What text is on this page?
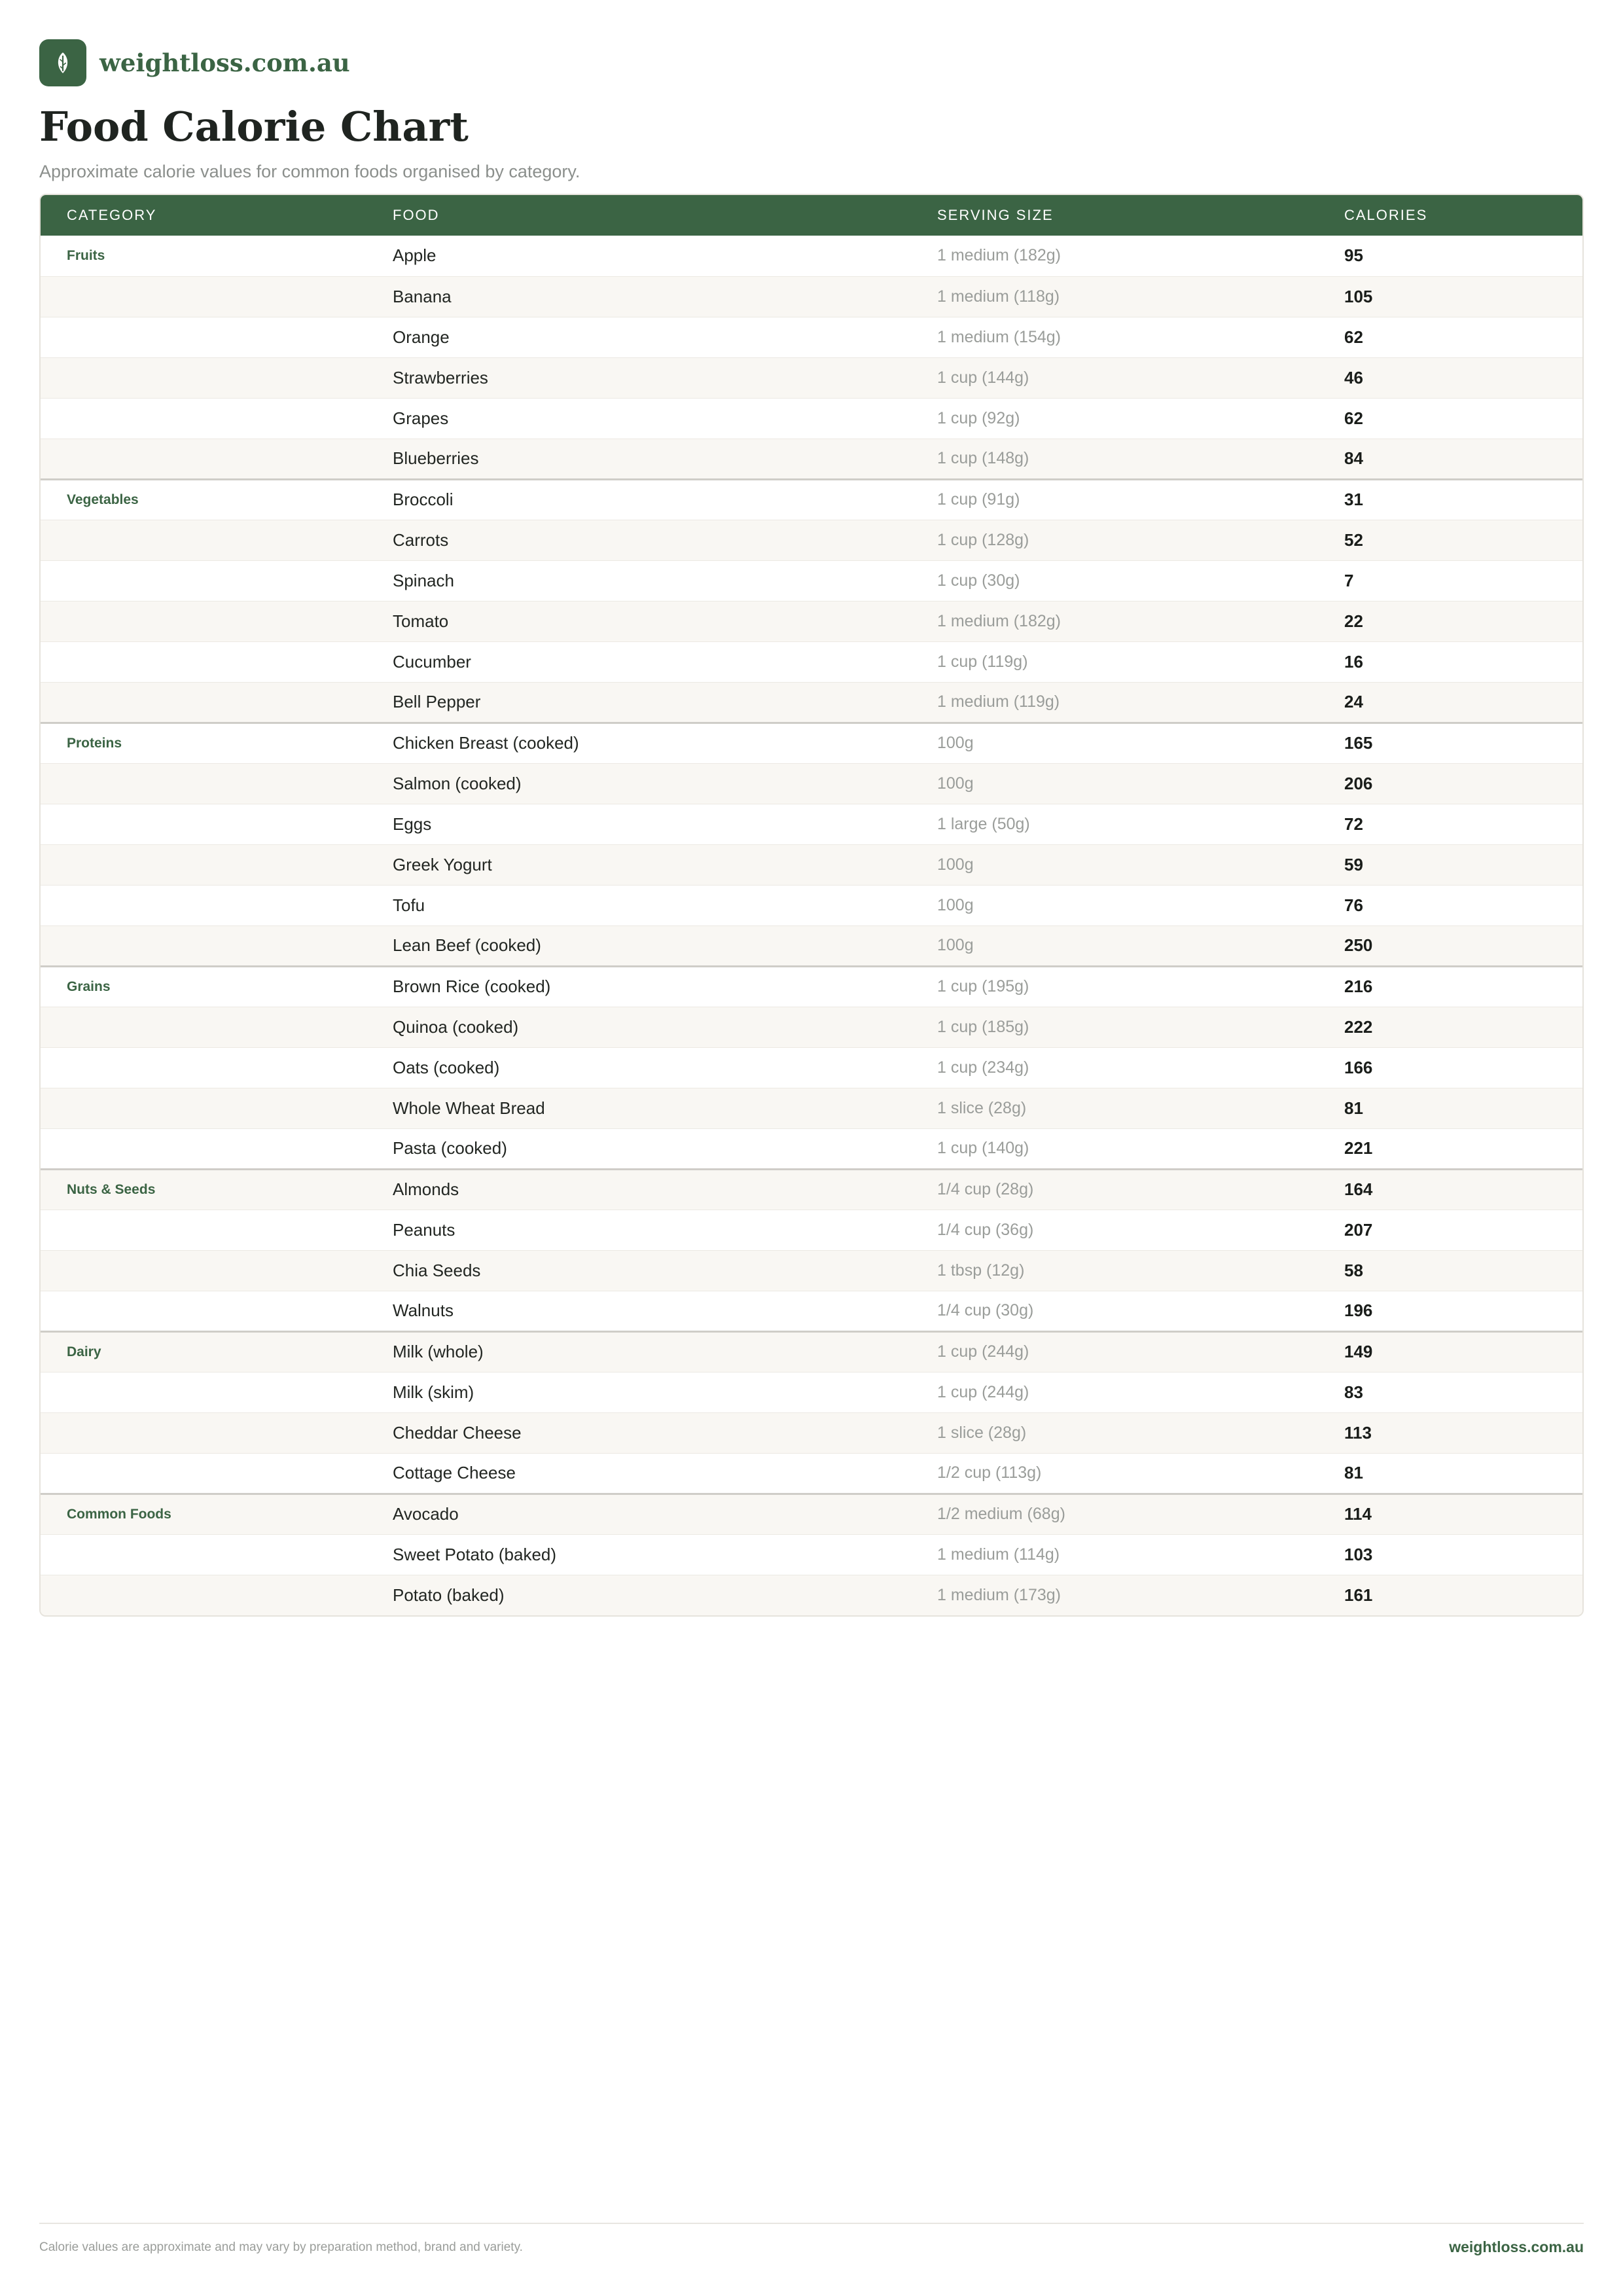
weightloss.com.au
Food Calorie Chart
Approximate calorie values for common foods organised by category.
CATEGORY	FOOD	SERVING SIZE	CALORIES
Fruits	Apple	1 medium (182g)	95
	Banana	1 medium (118g)	105
	Orange	1 medium (154g)	62
	Strawberries	1 cup (144g)	46
	Grapes	1 cup (92g)	62
	Blueberries	1 cup (148g)	84
Vegetables	Broccoli	1 cup (91g)	31
	Carrots	1 cup (128g)	52
	Spinach	1 cup (30g)	7
	Tomato	1 medium (182g)	22
	Cucumber	1 cup (119g)	16
	Bell Pepper	1 medium (119g)	24
Proteins	Chicken Breast (cooked)	100g	165
	Salmon (cooked)	100g	206
	Eggs	1 large (50g)	72
	Greek Yogurt	100g	59
	Tofu	100g	76
	Lean Beef (cooked)	100g	250
Grains	Brown Rice (cooked)	1 cup (195g)	216
	Quinoa (cooked)	1 cup (185g)	222
	Oats (cooked)	1 cup (234g)	166
	Whole Wheat Bread	1 slice (28g)	81
	Pasta (cooked)	1 cup (140g)	221
Nuts & Seeds	Almonds	1/4 cup (28g)	164
	Peanuts	1/4 cup (36g)	207
	Chia Seeds	1 tbsp (12g)	58
	Walnuts	1/4 cup (30g)	196
Dairy	Milk (whole)	1 cup (244g)	149
	Milk (skim)	1 cup (244g)	83
	Cheddar Cheese	1 slice (28g)	113
	Cottage Cheese	1/2 cup (113g)	81
Common Foods	Avocado	1/2 medium (68g)	114
	Sweet Potato (baked)	1 medium (114g)	103
	Potato (baked)	1 medium (173g)	161
Calorie values are approximate and may vary by preparation method, brand and variety.	weightloss.com.au
